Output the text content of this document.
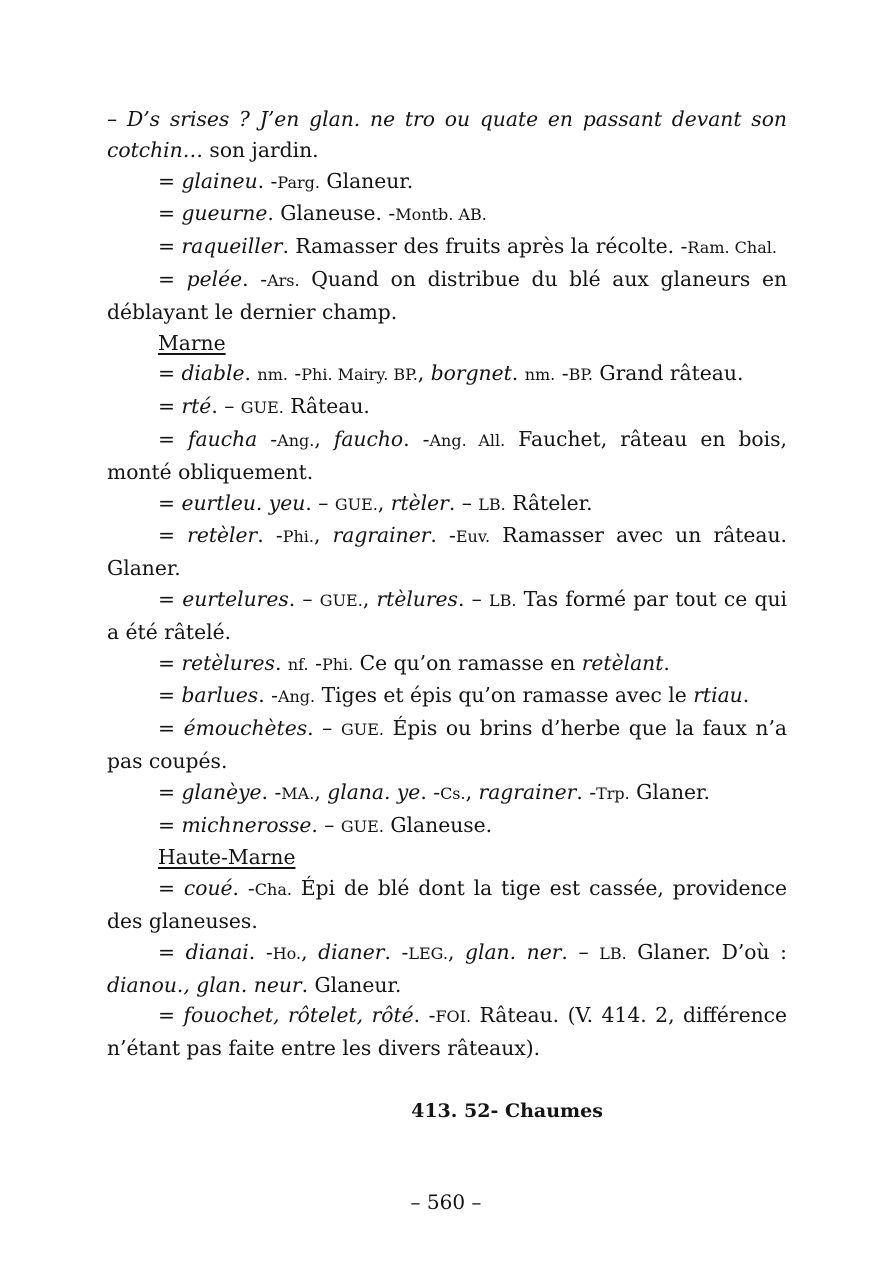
– D’s srises ? J’en glan. ne tro ou quate en passant devant son cotchin… son jardin.

= glaineu. -Parg. Glaneur.

= gueurne. Glaneuse. -Montb. AB.

= raqueiller. Ramasser des fruits après la récolte. -Ram. Chal.

= pelée. -Ars. Quand on distribue du blé aux glaneurs en déblayant le dernier champ.

Marne

= diable. nm. -Phi. Mairy. BP., borgnet. nm. -BP. Grand râteau.

= rté. – GUE. Râteau.

= faucha -Ang., faucho. -Ang. All. Fauchet, râteau en bois, monté obliquement.

= eurtleu. yeu. – GUE., rtèler. – LB. Râteler.

= retèler. -Phi., ragrainer. -Euv. Ramasser avec un râteau. Glaner.

= eurtelures. – GUE., rtèlures. – LB. Tas formé par tout ce qui a été râtelé.

= retèlures. nf. -Phi. Ce qu’on ramasse en retèlant.

= barlues. -Ang. Tiges et épis qu’on ramasse avec le rtiau.

= émouchètes. – GUE. Épis ou brins d’herbe que la faux n’a pas coupés.

= glanèye. -MA., glana. ye. -Cs., ragrainer. -Trp. Glaner.

= michnerosse. – GUE. Glaneuse.

Haute-Marne

= coué. -Cha. Épi de blé dont la tige est cassée, providence des glaneuses.

= dianai. -Ho., dianer. -LEG., glan. ner. – LB. Glaner. D’où : dianou., glan. neur. Glaneur.

= fouochet, rôtelet, rôté. -FOI. Râteau. (V. 414. 2, différence n’étant pas faite entre les divers râteaux).

413. 52- Chaumes
– 560 –
